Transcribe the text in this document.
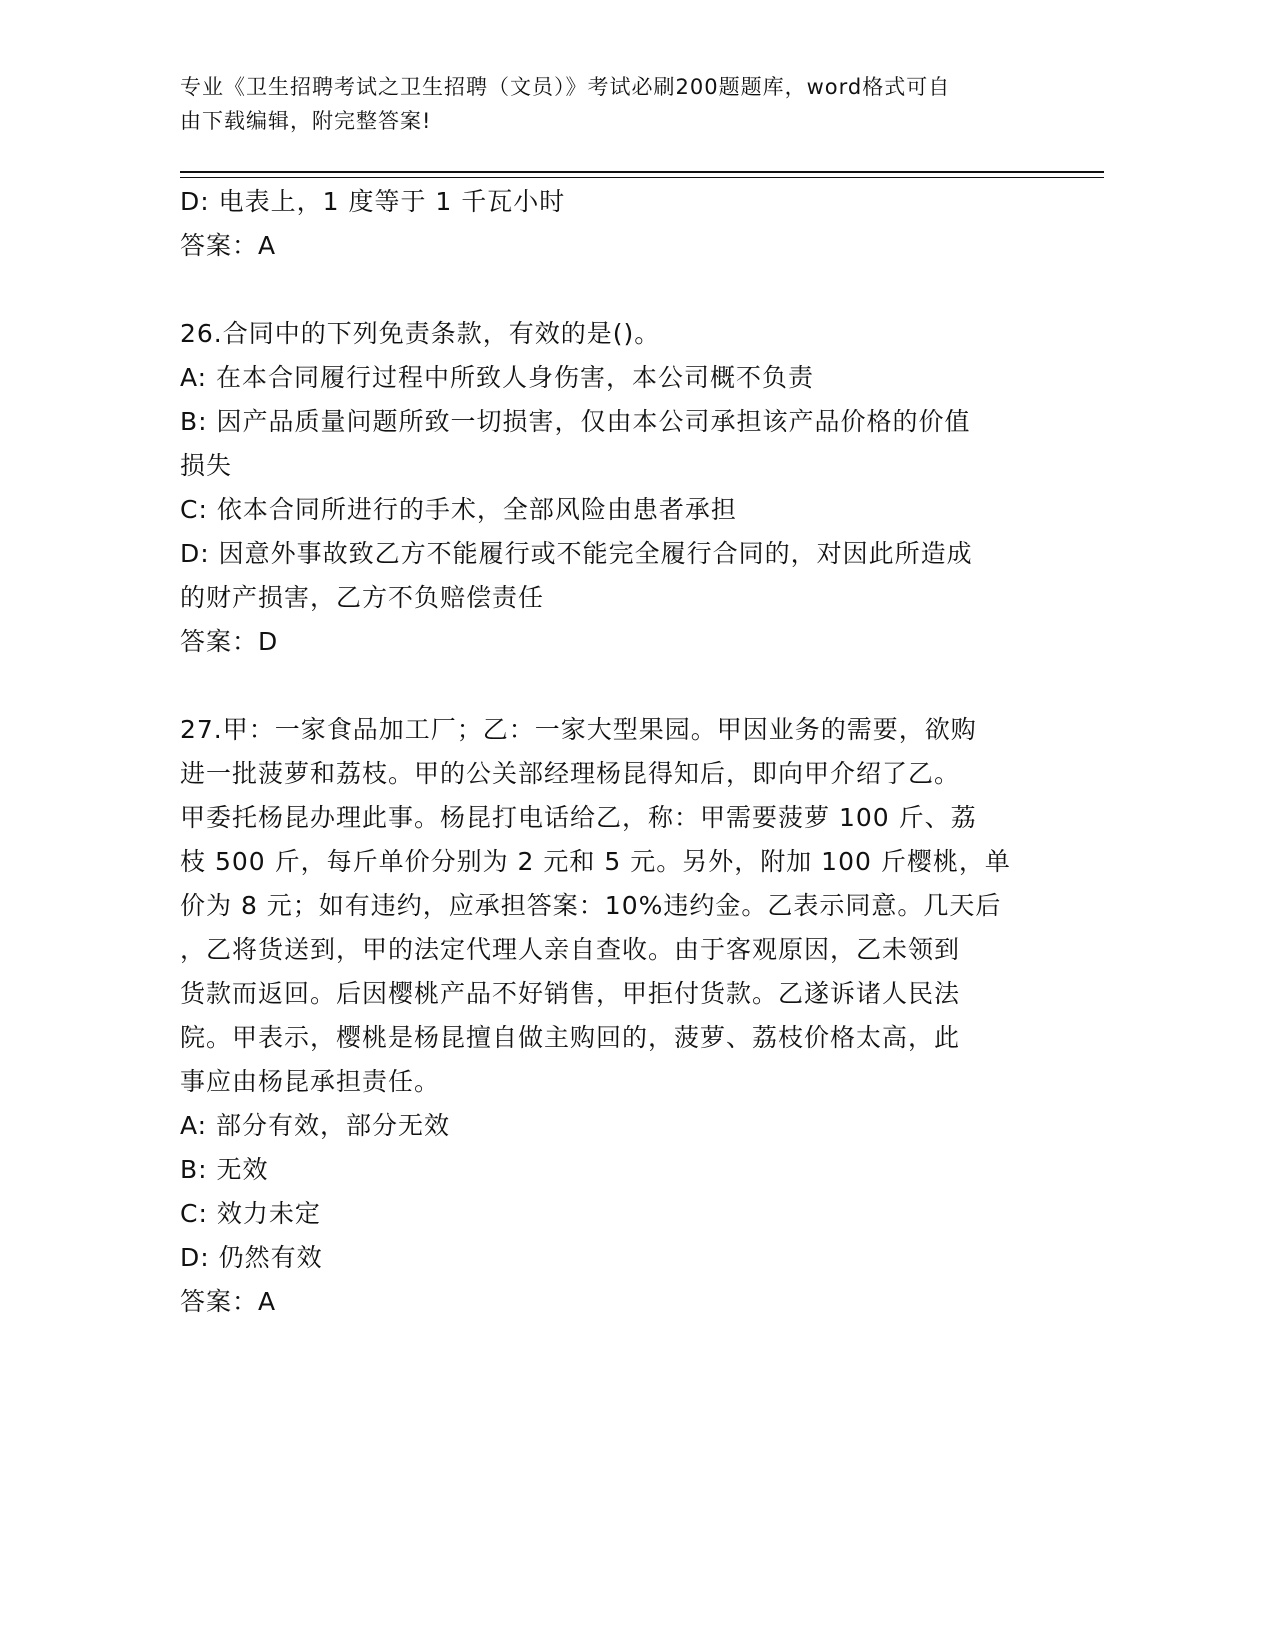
专业《卫生招聘考试之卫生招聘（文员）》考试必刷200题题库，word格式可自
由下载编辑，附完整答案!
D: 电表上，1 度等于 1 千瓦小时
答案：A
26.合同中的下列免责条款，有效的是()。
A: 在本合同履行过程中所致人身伤害，本公司概不负责
B: 因产品质量问题所致一切损害，仅由本公司承担该产品价格的价值
损失
C: 依本合同所进行的手术，全部风险由患者承担
D: 因意外事故致乙方不能履行或不能完全履行合同的，对因此所造成
的财产损害，乙方不负赔偿责任
答案：D
27.甲：一家食品加工厂；乙：一家大型果园。甲因业务的需要，欲购
进一批菠萝和荔枝。甲的公关部经理杨昆得知后，即向甲介绍了乙。
甲委托杨昆办理此事。杨昆打电话给乙，称：甲需要菠萝 100 斤、荔
枝 500 斤，每斤单价分别为 2 元和 5 元。另外，附加 100 斤樱桃，单
价为 8 元；如有违约，应承担答案：10%违约金。乙表示同意。几天后
，乙将货送到，甲的法定代理人亲自查收。由于客观原因，乙未领到
货款而返回。后因樱桃产品不好销售，甲拒付货款。乙遂诉诸人民法
院。甲表示，樱桃是杨昆擅自做主购回的，菠萝、荔枝价格太高，此
事应由杨昆承担责任。
A: 部分有效，部分无效
B: 无效
C: 效力未定
D: 仍然有效
答案：A
